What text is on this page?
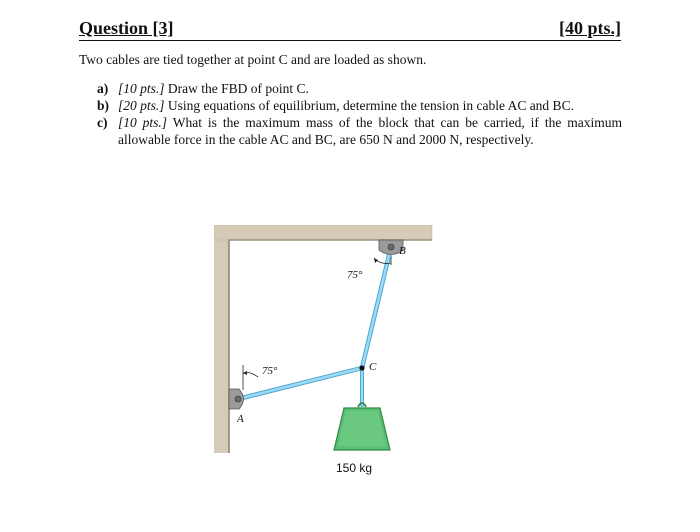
Question [3]	[40 pts.]
Two cables are tied together at point C and are loaded as shown.
a) [10 pts.] Draw the FBD of point C.
b) [20 pts.] Using equations of equilibrium, determine the tension in cable AC and BC.
c) [10 pts.] What is the maximum mass of the block that can be carried, if the maximum allowable force in the cable AC and BC, are 650 N and 2000 N, respectively.
B
C
A
75°
75°
150 kg
